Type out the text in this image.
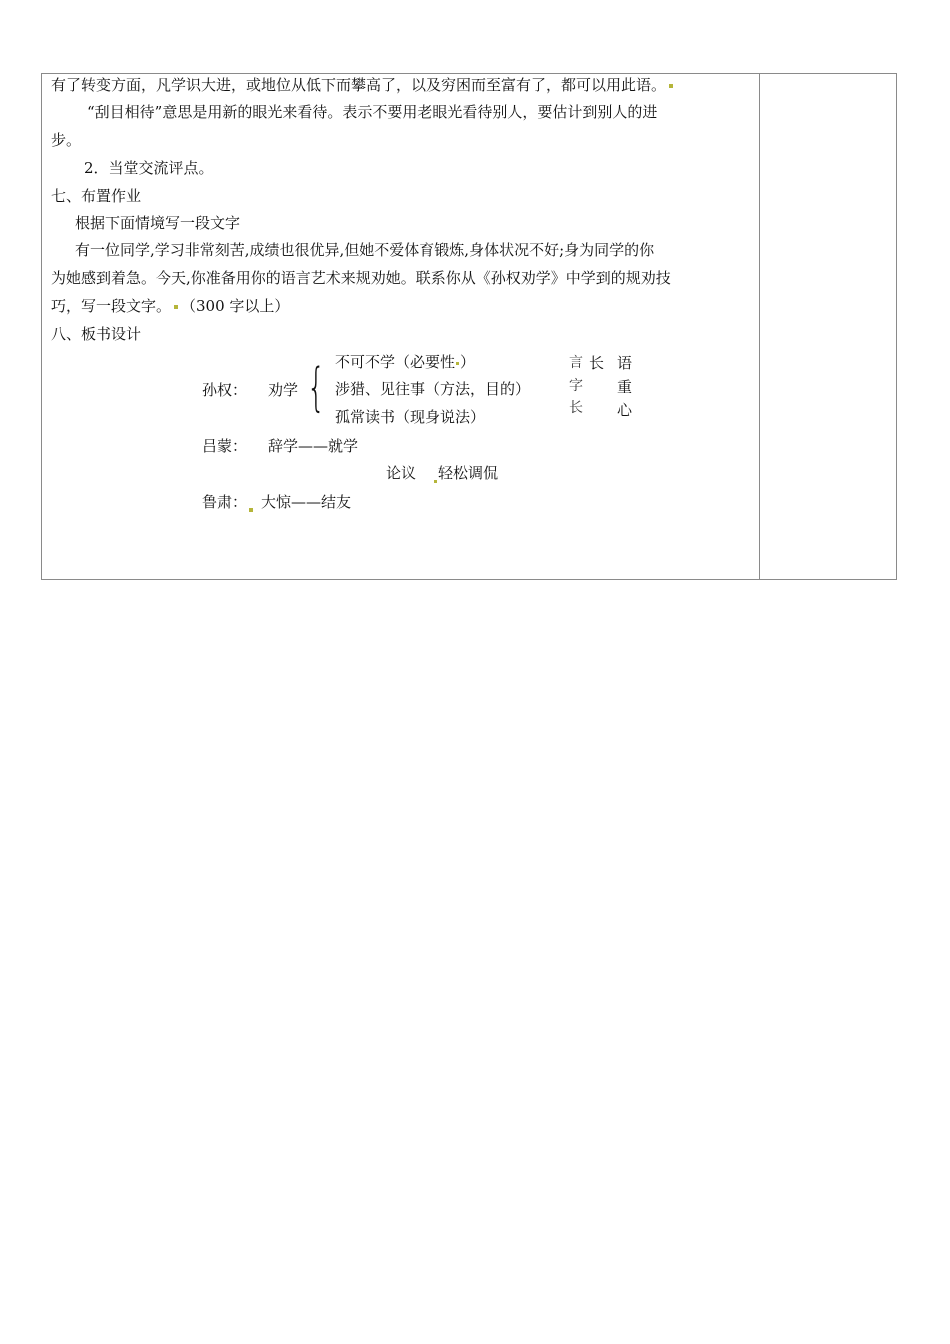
有了转变方面，凡学识大进，或地位从低下而攀高了，以及穷困而至富有了，都可以用此语。
“刮目相待”意思是用新的眼光来看待。表示不要用老眼光看待别人，要估计到别人的进
步。
2．当堂交流评点。
七、布置作业
根据下面情境写一段文字
有一位同学,学习非常刻苦,成绩也很优异,但她不爱体育锻炼,身体状况不好;身为同学的你
为她感到着急。今天,你准备用你的语言艺术来规劝她。联系你从《孙权劝学》中学到的规劝技
巧，写一段文字。 （300 字以上）
八、板书设计
孙权： 劝学 { 不可不学（必要性 ）
涉猎、见往事（方法，目的）
孤常读书（现身说法）
言
字
长
长 语
重
心
吕蒙： 辞学——就学
论议 轻松调侃
鲁肃： 大惊——结友
